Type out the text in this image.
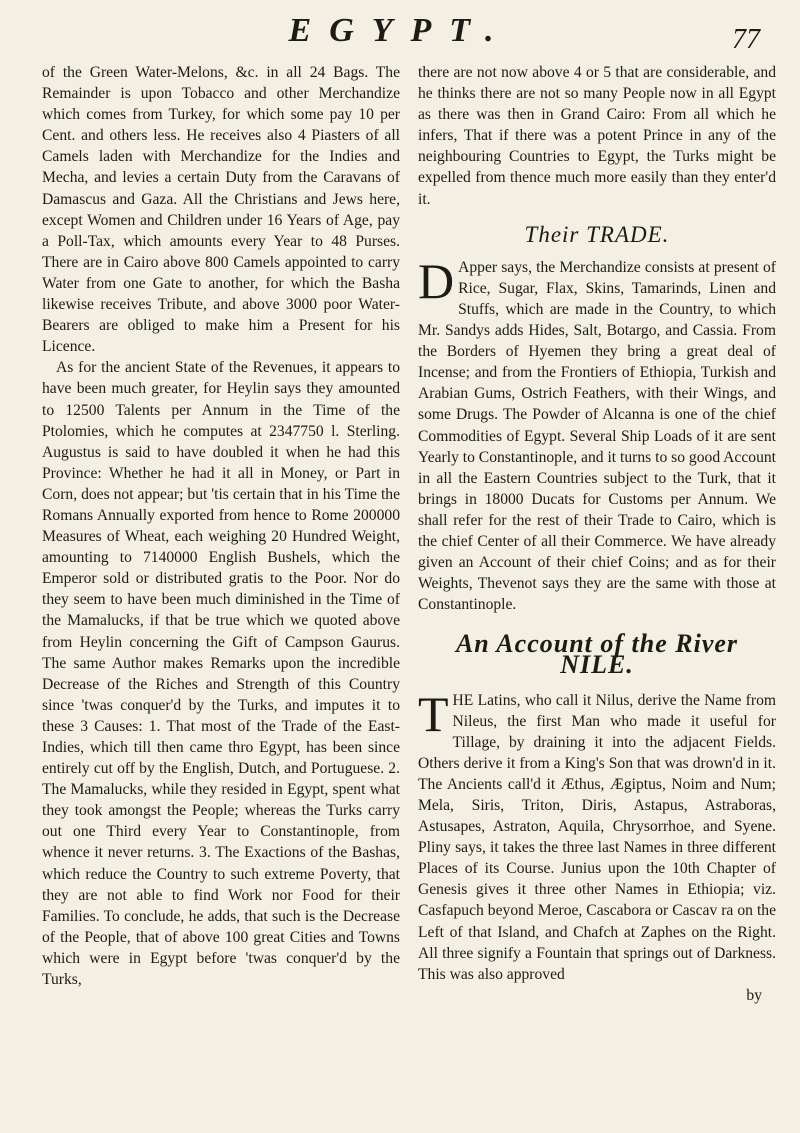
EGYPT.	77

of the Green Water-Melons, &c. in all 24 Bags. The Remainder is upon Tobacco and other Merchandize which comes from Turkey, for which some pay 10 per Cent. and others less. He receives also 4 Piasters of all Camels laden with Merchandize for the Indies and Mecha, and levies a certain Duty from the Caravans of Damascus and Gaza. All the Christians and Jews here, except Women and Children under 16 Years of Age, pay a Poll-Tax, which amounts every Year to 48 Purses. There are in Cairo above 800 Camels appointed to carry Water from one Gate to another, for which the Basha likewise receives Tribute, and above 3000 poor Water-Bearers are obliged to make him a Present for his Licence.

As for the ancient State of the Revenues, it appears to have been much greater, for Heylin says they amounted to 12500 Talents per Annum in the Time of the Ptolomies, which he computes at 2347750 l. Sterling. Augustus is said to have doubled it when he had this Province: Whether he had it all in Money, or Part in Corn, does not appear; but 'tis certain that in his Time the Romans Annually exported from hence to Rome 200000 Measures of Wheat, each weighing 20 Hundred Weight, amounting to 7140000 English Bushels, which the Emperor sold or distributed gratis to the Poor. Nor do they seem to have been much diminished in the Time of the Mamalucks, if that be true which we quoted above from Heylin concerning the Gift of Campson Gaurus. The same Author makes Remarks upon the incredible Decrease of the Riches and Strength of this Country since 'twas conquer'd by the Turks, and imputes it to these 3 Causes: 1. That most of the Trade of the East-Indies, which till then came thro Egypt, has been since entirely cut off by the English, Dutch, and Portuguese. 2. The Mamalucks, while they resided in Egypt, spent what they took amongst the People; whereas the Turks carry out one Third every Year to Constantinople, from whence it never returns. 3. The Exactions of the Bashas, which reduce the Country to such extreme Poverty, that they are not able to find Work nor Food for their Families. To conclude, he adds, that such is the Decrease of the People, that of above 100 great Cities and Towns which were in Egypt before 'twas conquer'd by the Turks,

there are not now above 4 or 5 that are considerable, and he thinks there are not so many People now in all Egypt as there was then in Grand Cairo: From all which he infers, That if there was a potent Prince in any of the neighbouring Countries to Egypt, the Turks might be expelled from thence much more easily than they enter'd it.

Their TRADE.

D Apper says, the Merchandize consists at present of Rice, Sugar, Flax, Skins, Tamarinds, Linen and Stuffs, which are made in the Country, to which Mr. Sandys adds Hides, Salt, Botargo, and Cassia. From the Borders of Hyemen they bring a great deal of Incense; and from the Frontiers of Ethiopia, Turkish and Arabian Gums, Ostrich Feathers, with their Wings, and some Drugs. The Powder of Alcanna is one of the chief Commodities of Egypt. Several Ship Loads of it are sent Yearly to Constantinople, and it turns to so good Account in all the Eastern Countries subject to the Turk, that it brings in 18000 Ducats for Customs per Annum. We shall refer for the rest of their Trade to Cairo, which is the chief Center of all their Commerce. We have already given an Account of their chief Coins; and as for their Weights, Thevenot says they are the same with those at Constantinople.

An Account of the River NILE.

THE Latins, who call it Nilus, derive the Name from Nileus, the first Man who made it useful for Tillage, by draining it into the adjacent Fields. Others derive it from a King's Son that was drown'd in it. The Ancients call'd it Æthus, Ægiptus, Noim and Num; Mela, Siris, Triton, Diris, Astapus, Astraboras, Astusapes, Astraton, Aquila, Chrysorrhoe, and Syene. Pliny says, it takes the three last Names in three different Places of its Course. Junius upon the 10th Chapter of Genesis gives it three other Names in Ethiopia; viz. Casfapuch beyond Meroe, Cascabora or Cascav ra on the Left of that Island, and Chafch at Zaphes on the Right. All three signify a Fountain that springs out of Darkness. This was also approved

by
